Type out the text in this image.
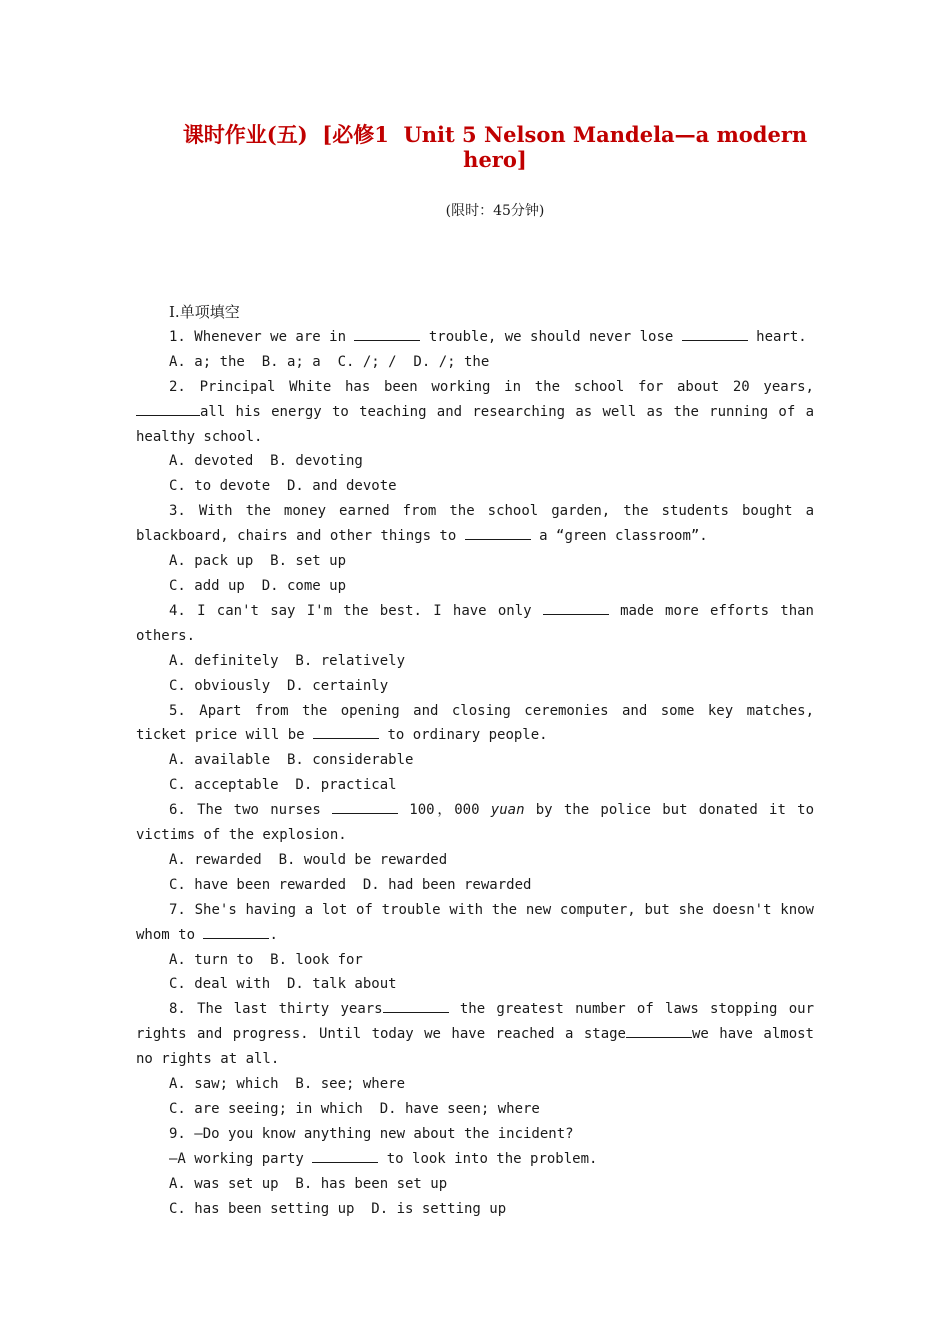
课时作业(五)  [必修1  Unit 5 Nelson Mandela—a modern
hero]
(限时：45分钟)
Ⅰ.单项填空

1. Whenever we are in	trouble, we should never lose	heart.

A. a; the  B. a; a  C. /; /  D. /; the

2. Principal White has been working in the school for about 20 years, all his energy to teaching and researching as well as the running of a healthy school.

A. devoted  B. devoting

C. to devote  D. and devote

3. With the money earned from the school garden, the students bought a blackboard, chairs and other things to	a “green classroom”.

A. pack up  B. set up

C. add up  D. come up

4. I can't say I'm the best. I have only	made more efforts than others.

A. definitely  B. relatively

C. obviously  D. certainly

5. Apart from the opening and closing ceremonies and some key matches, ticket price will be	to ordinary people.

A. available  B. considerable

C. acceptable  D. practical

6. The two nurses	100，000 yuan by the police but donated it to victims of the explosion.

A. rewarded  B. would be rewarded

C. have been rewarded  D. had been rewarded

7. She's having a lot of trouble with the new computer, but she doesn't know whom to	.

A. turn to  B. look for

C. deal with  D. talk about

8. The last thirty years	the greatest number of laws stopping our rights and progress. Until today we have reached a stage	we have almost no rights at all.

A. saw; which  B. see; where

C. are seeing; in which  D. have seen; where

9. —Do you know anything new about the incident?

—A working party	to look into the problem.

A. was set up  B. has been set up

C. has been setting up  D. is setting up
